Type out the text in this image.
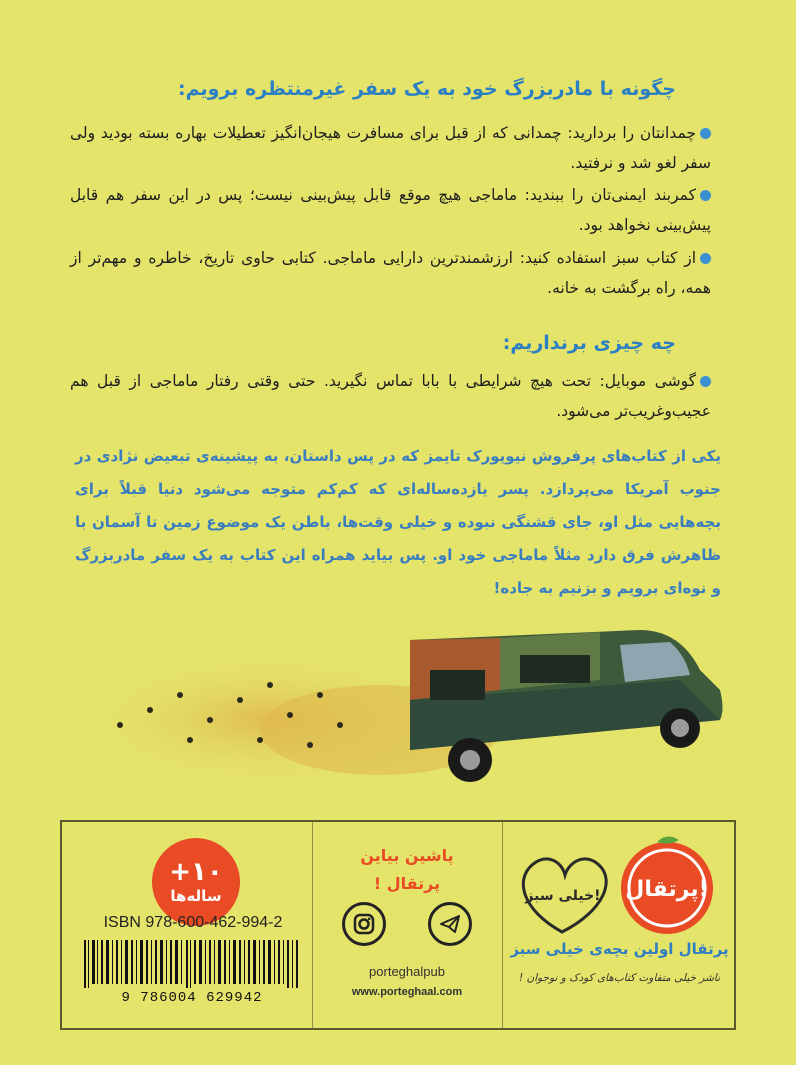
چگونه با مادربزرگ خود به یک سفر غیرمنتظره برویم:
چمدانتان را بردارید: چمدانی که از قبل برای مسافرت هیجان‌انگیز تعطیلات بهاره بسته بودید ولی سفر لغو شد و نرفتید.
کمربند ایمنی‌تان را ببندید: ماماجی هیچ موقع قابل پیش‌بینی نیست؛ پس در این سفر هم قابل پیش‌بینی نخواهد بود.
از کتاب سبز استفاده کنید: ارزشمندترین دارایی ماماجی. کتابی حاوی تاریخ، خاطره و مهم‌تر از همه، راه برگشت به خانه.
چه چیزی برنداریم:
گوشی موبایل: تحت هیچ شرایطی با بابا تماس نگیرید. حتی وقتی رفتار ماماجی از قبل هم عجیب‌وغریب‌تر می‌شود.
یکی از کتاب‌های پرفروش نیویورک تایمز که در پس داستان، به پیشینه‌ی تبعیض نژادی در جنوب آمریکا می‌پردازد. پسر یازده‌ساله‌ای که کم‌کم متوجه می‌شود دنیا قبلاً برای بچه‌هایی مثل او، جای قشنگی نبوده و خیلی وقت‌ها، باطن یک موضوع زمین تا آسمان با ظاهرش فرق دارد مثلاً ماماجی خود او. پس بیاید همراه این کتاب به یک سفر مادربزرگ و نوه‌ای برویم و بزنیم به جاده!
+۱۰
ساله‌ها
ISBN 978-600-462-994-2
9 786004 629942
پاشین بیاین
پرتقال !
porteghalpub
www.porteghaal.com
پرتقال!
خیلی سبز!
پرتقال اولین بچه‌ی خیلی سبز
ناشر خیلی متفاوت کتاب‌های کودک و نوجوان !
